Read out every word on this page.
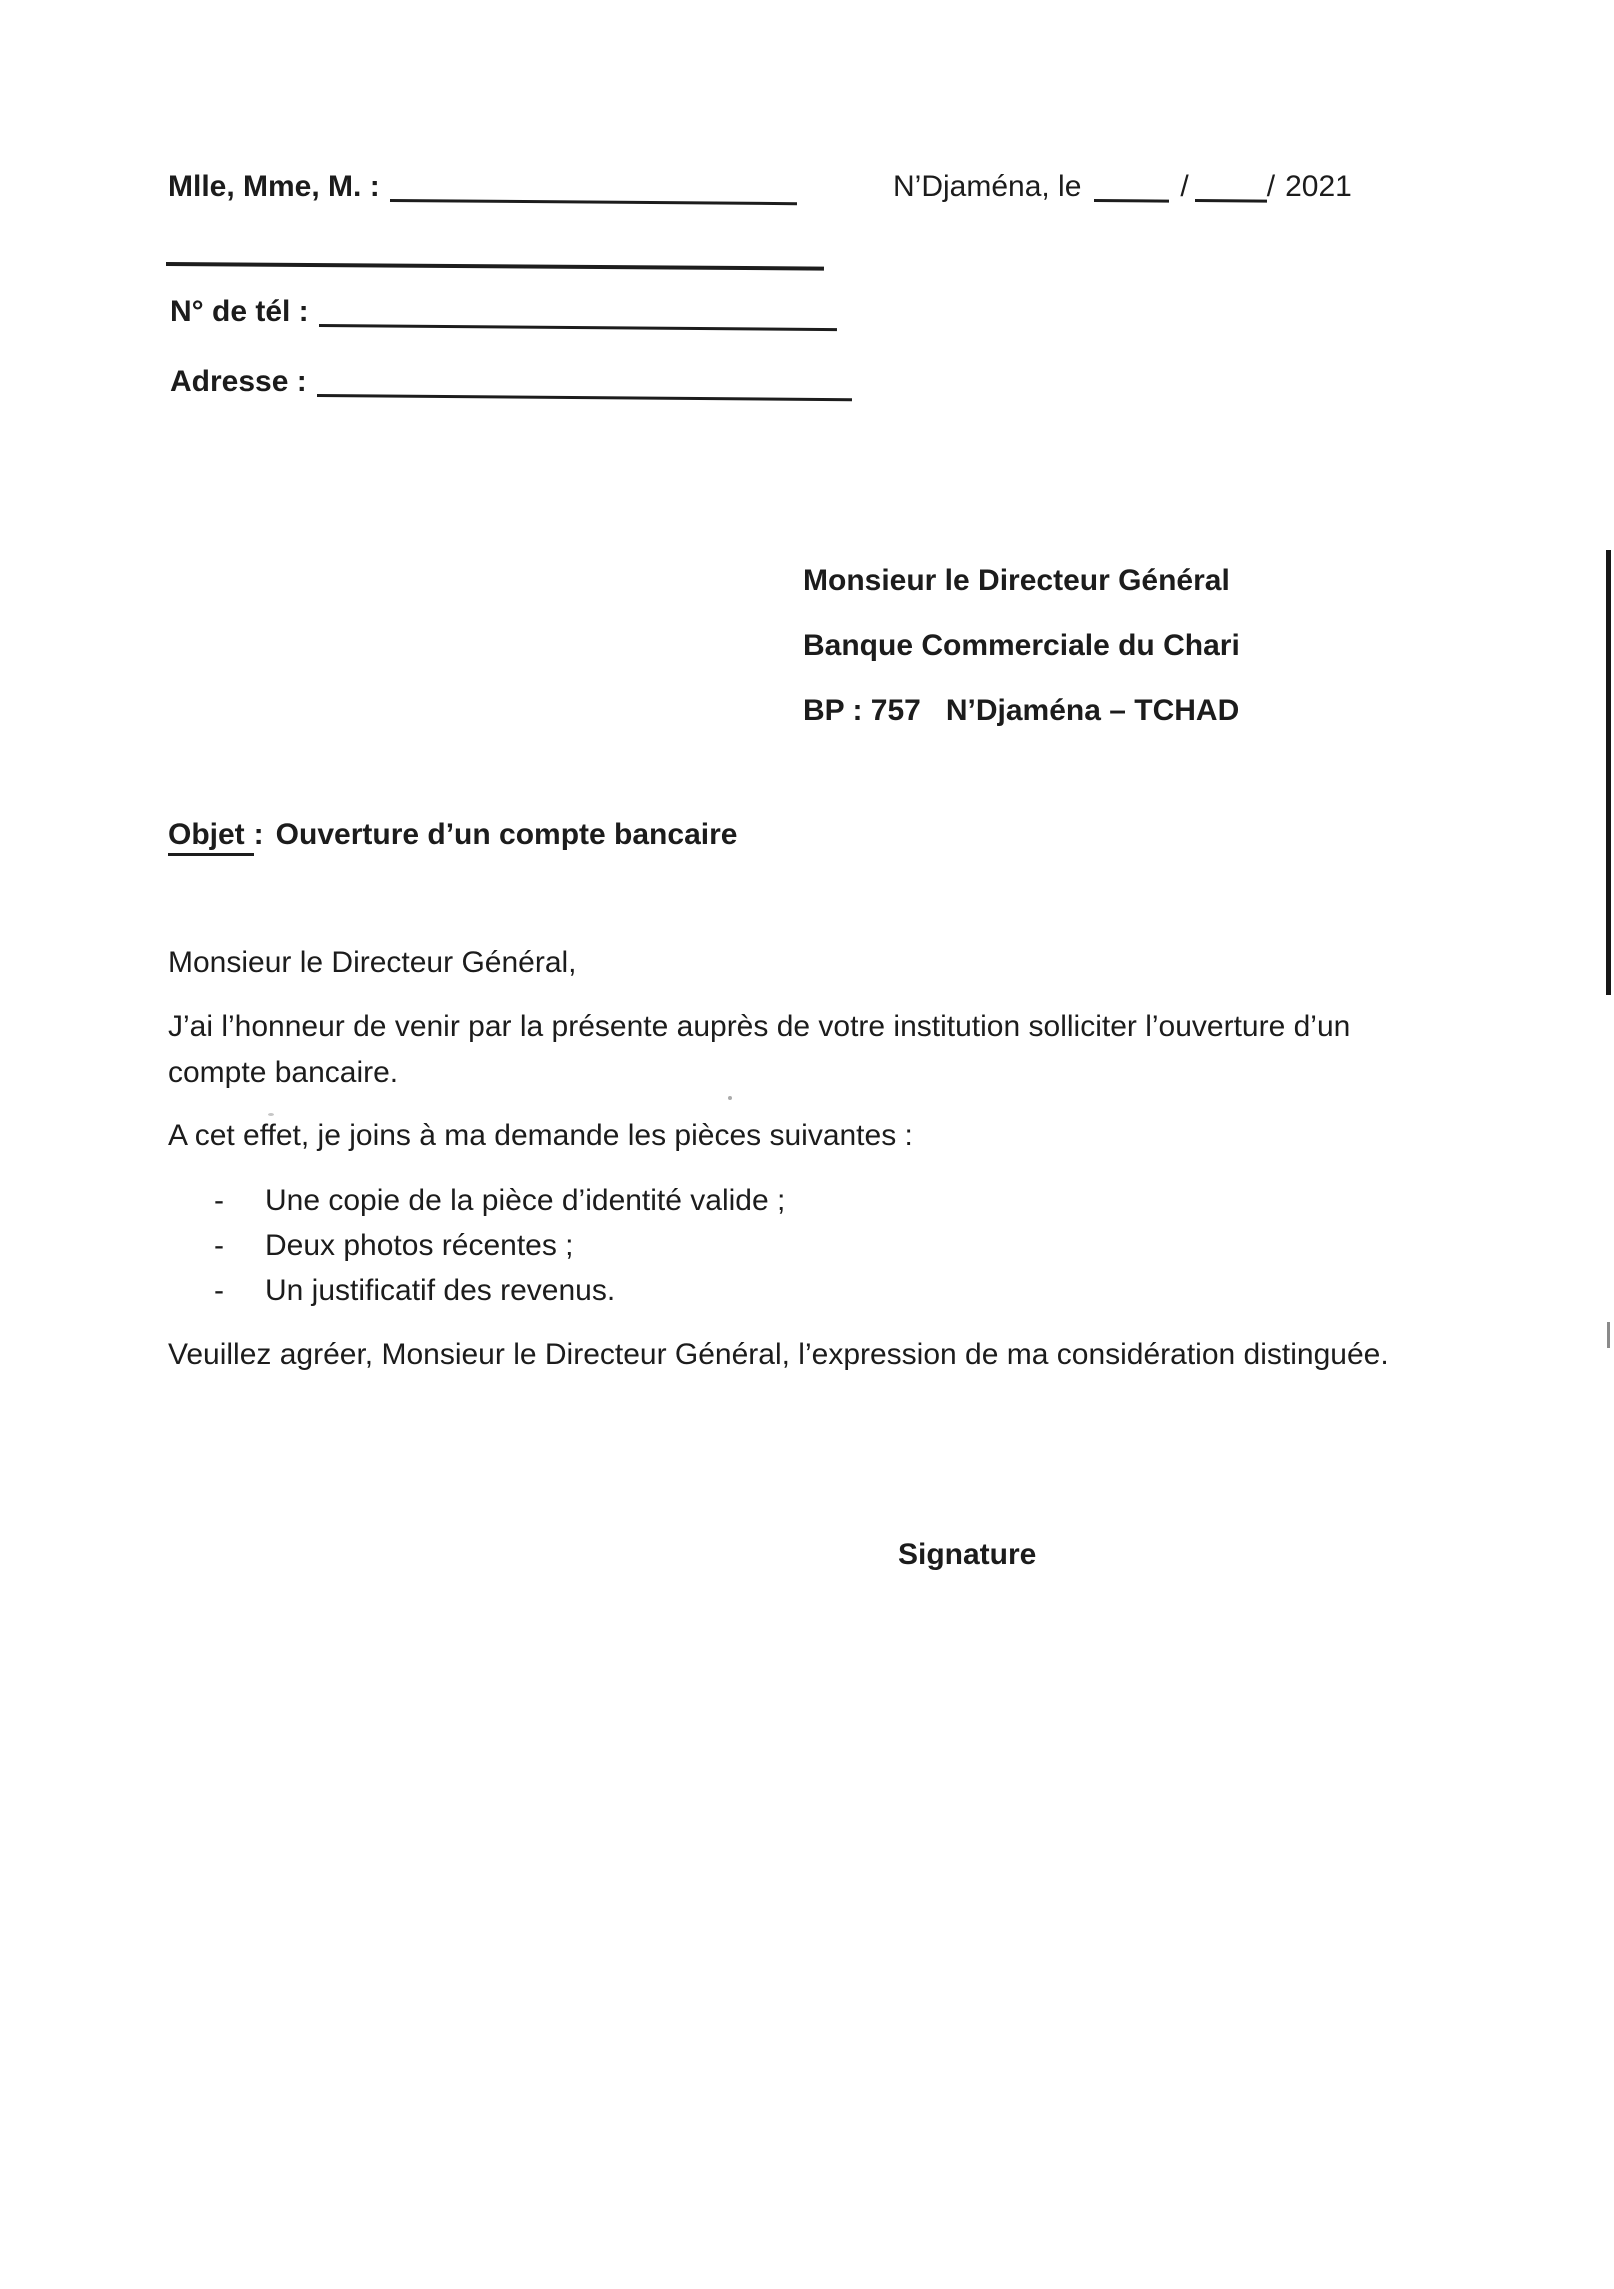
Mlle, Mme, M. :	N’Djaména, le	/	/ 2021
N° de tél :
Adresse :
Monsieur le Directeur Général
Banque Commerciale du Chari
BP : 757   N’Djaména – TCHAD
Objet : Ouverture d’un compte bancaire
Monsieur le Directeur Général,
J’ai l’honneur de venir par la présente auprès de votre institution solliciter l’ouverture d’un
compte bancaire.
A cet effet, je joins à ma demande les pièces suivantes :
- Une copie de la pièce d’identité valide ;
- Deux photos récentes ;
- Un justificatif des revenus.
Veuillez agréer, Monsieur le Directeur Général, l’expression de ma considération distinguée.
Signature
